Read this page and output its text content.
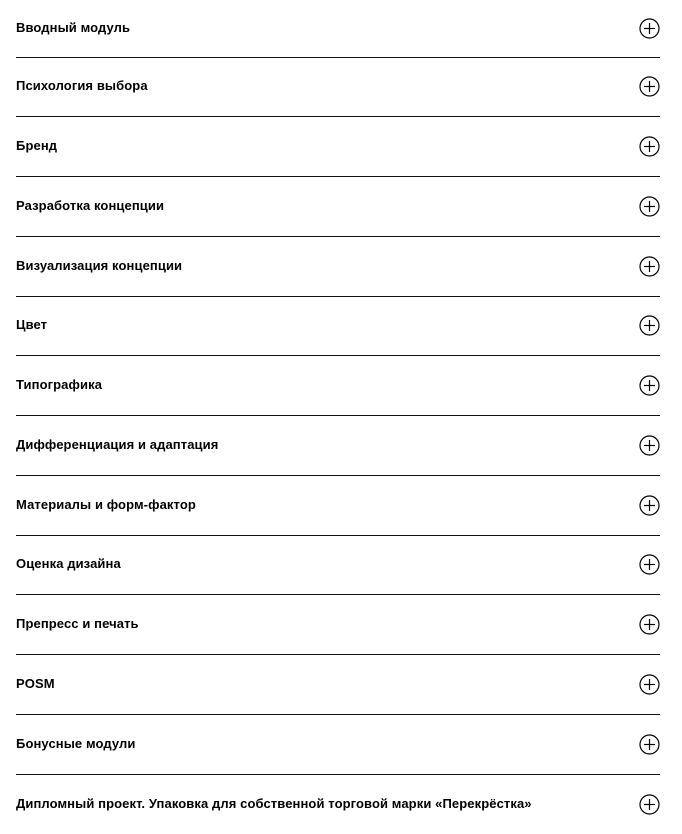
Вводный модуль
Психология выбора
Бренд
Разработка концепции
Визуализация концепции
Цвет
Типографика
Дифференциация и адаптация
Материалы и форм-фактор
Оценка дизайна
Препресс и печать
POSM
Бонусные модули
Дипломный проект. Упаковка для собственной торговой марки «Перекрёстка»
